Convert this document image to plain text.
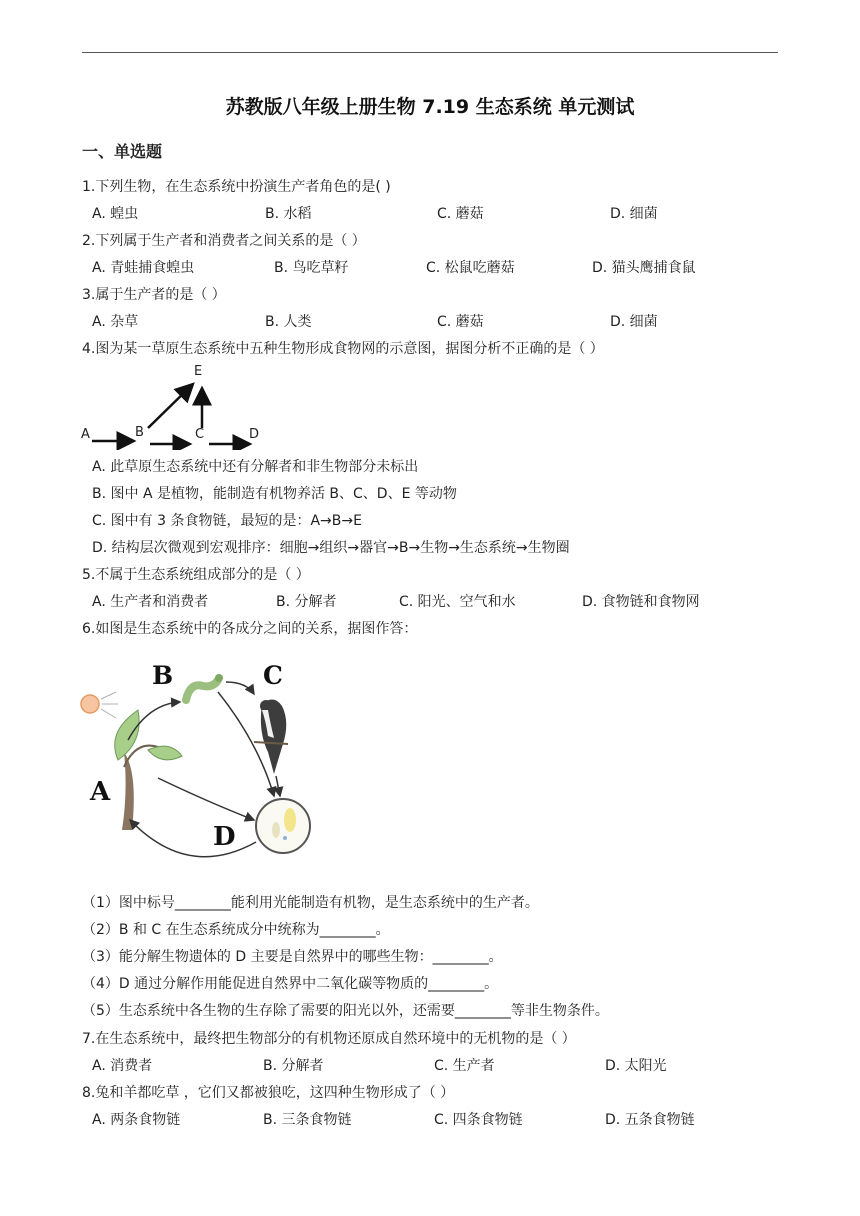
苏教版八年级上册生物 7.19 生态系统 单元测试
一、单选题
1.下列生物，在生态系统中扮演生产者角色的是( )
A. 蝗虫	B. 水稻	C. 蘑菇	D. 细菌
2.下列属于生产者和消费者之间关系的是（ ）
A. 青蛙捕食蝗虫	B. 鸟吃草籽	C. 松鼠吃蘑菇	D. 猫头鹰捕食鼠
3.属于生产者的是（ ）
A. 杂草	B. 人类	C. 蘑菇	D. 细菌
4.图为某一草原生态系统中五种生物形成食物网的示意图，据图分析不正确的是（ ）
E
A	B	C	D
A. 此草原生态系统中还有分解者和非生物部分未标出
B. 图中 A 是植物，能制造有机物养活 B、C、D、E 等动物
C. 图中有 3 条食物链，最短的是：A→B→E
D. 结构层次微观到宏观排序：细胞→组织→器官→B→生物→生态系统→生物圈
5.不属于生态系统组成部分的是（ ）
A. 生产者和消费者	B. 分解者	C. 阳光、空气和水	D. 食物链和食物网
6.如图是生态系统中的各成分之间的关系，据图作答：
A
B	C
D
（1）图中标号________能利用光能制造有机物，是生态系统中的生产者。
（2）B 和 C 在生态系统成分中统称为________。
（3）能分解生物遗体的 D 主要是自然界中的哪些生物：________。
（4）D 通过分解作用能促进自然界中二氧化碳等物质的________。
（5）生态系统中各生物的生存除了需要的阳光以外，还需要________等非生物条件。
7.在生态系统中，最终把生物部分的有机物还原成自然环境中的无机物的是（ ）
A. 消费者	B. 分解者	C. 生产者	D. 太阳光
8.兔和羊都吃草 ，它们又都被狼吃，这四种生物形成了（ ）
A. 两条食物链	B. 三条食物链	C. 四条食物链	D. 五条食物链
